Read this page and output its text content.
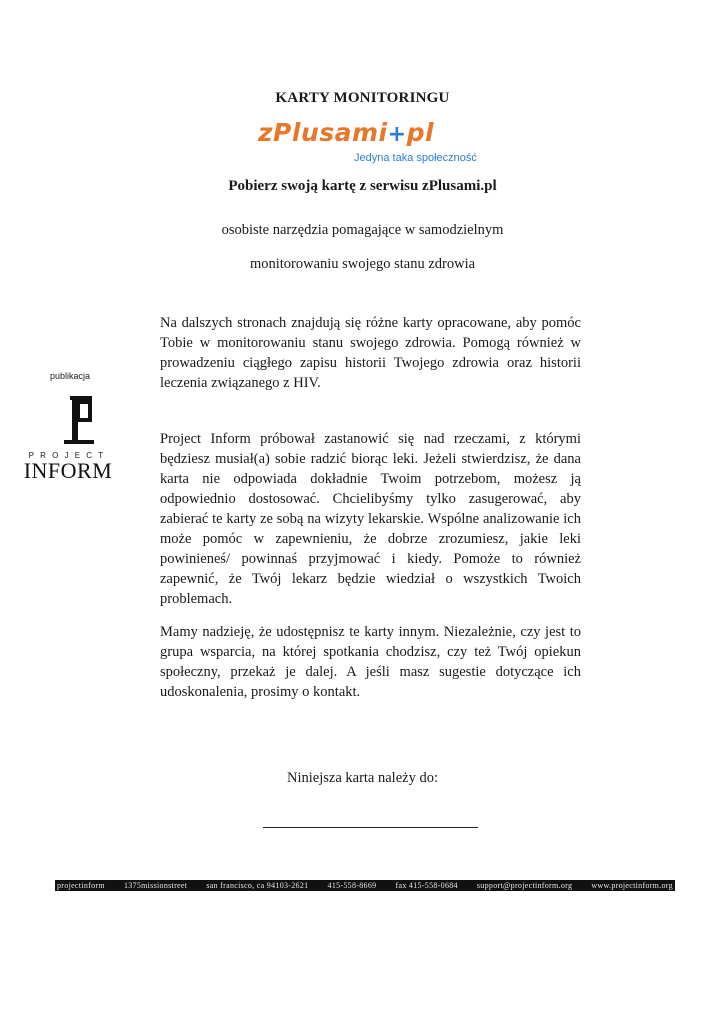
KARTY MONITORINGU
zPlusami+pl
Jedyna taka społeczność
Pobierz swoją kartę z serwisu zPlusami.pl
osobiste narzędzia pomagające w samodzielnym
monitorowaniu swojego stanu zdrowia
publikacja
PROJECT
INFORM
Na dalszych stronach znajdują się różne karty opracowane, aby pomóc Tobie w monitorowaniu stanu swojego zdrowia. Pomogą również w prowadzeniu ciągłego zapisu historii Twojego zdrowia oraz historii leczenia związanego z HIV.
Project Inform próbował zastanowić się nad rzeczami, z którymi będziesz musiał(a) sobie radzić biorąc leki. Jeżeli stwierdzisz, że dana karta nie odpowiada dokładnie Twoim potrzebom, możesz ją odpowiednio dostosować. Chcielibyśmy tylko zasugerować, aby zabierać te karty ze sobą na wizyty lekarskie. Wspólne analizowanie ich może pomóc w zapewnieniu, że dobrze zrozumiesz, jakie leki powinieneś/ powinnaś przyjmować i kiedy. Pomoże to również zapewnić, że Twój lekarz będzie wiedział o wszystkich Twoich problemach.
Mamy nadzieję, że udostępnisz te karty innym. Niezależnie, czy jest to grupa wsparcia, na której spotkania chodzisz, czy też Twój opiekun społeczny, przekaż je dalej. A jeśli masz sugestie dotyczące ich udoskonalenia, prosimy o kontakt.
Niniejsza karta należy do:
projectinform 1375missionstreet san francisco, ca 94103-2621 415-558-8669 fax 415-558-0684 support@projectinform.org www.projectinform.org
